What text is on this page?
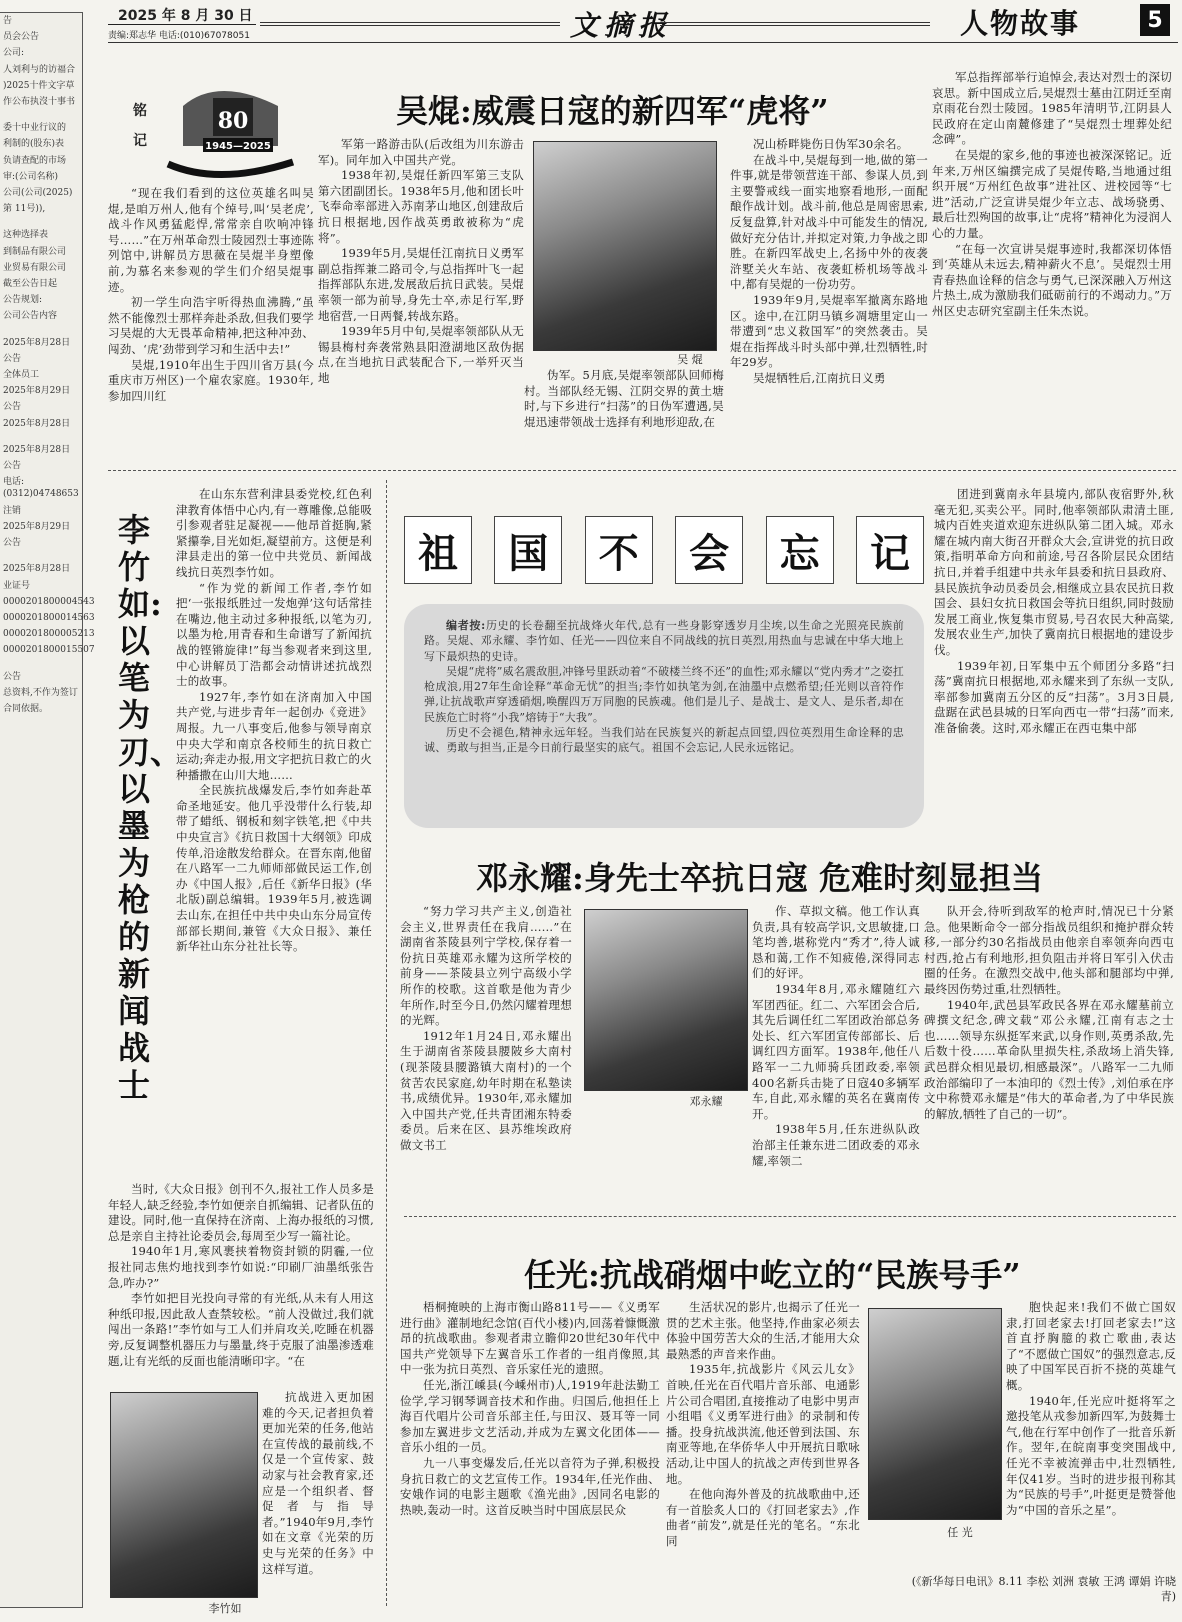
2025 年 8 月 30 日
责编:郑志华 电话:(010)67078051	文摘报	人物故事	5

告

员会公告

公司:

人刘利与的访福合

)2025十件文字草

作公布执沒十事书

委十中业行议的

利制的(股东)表

负请查配的市场

审:(公司名称)

公司(公司(2025)

第 11号)),

这种选择表

到制品有限公司

业贸易有限公司

截至公告日起

公告规划:

公司公告内容

2025年8月28日

公告

全体员工

2025年8月29日

公告

2025年8月28日

2025年8月28日

公告

电话:(0312)04748653

注销

2025年8月29日

公告

2025年8月28日

业证号

0000201800004543

0000201800014563

0000201800005213

0000201800015507

公告

总资料,不作为签订

合同依据。

80
1945—2025
铭记
吴焜:威震日寇的新四军“虎将”

“现在我们看到的这位英雄名叫吴焜,是咱万州人,他有个绰号,叫‘吴老虎’,战斗作风勇猛彪悍,常常亲自吹响冲锋号……”在万州革命烈士陵园烈士事迹陈列馆中,讲解员方思薇在吴焜半身塑像前,为慕名来参观的学生们介绍吴焜事迹。

初一学生向浩宇听得热血沸腾,“虽然不能像烈士那样奔赴杀敌,但我们要学习吴焜的大无畏革命精神,把这种冲劲、闯劲、‘虎’劲带到学习和生活中去!”

吴焜,1910年出生于四川省万县(今重庆市万州区)一个雇农家庭。1930年,参加四川红

军第一路游击队(后改组为川东游击军)。同年加入中国共产党。

1938年初,吴焜任新四军第三支队第六团副团长。1938年5月,他和团长叶飞奉命率部进入苏南茅山地区,创建敌后抗日根据地,因作战英勇敢被称为“虎将”。

1939年5月,吴焜任江南抗日义勇军副总指挥兼二路司令,与总指挥叶飞一起指挥部队东进,发展敌后抗日武装。吴焜率领一部为前导,身先士卒,赤足行军,野地宿营,一日两餐,转战东路。

1939年5月中旬,吴焜率领部队从无锡县梅村奔袭常熟县阳澄湖地区敌伪据点,在当地抗日武装配合下,一举歼灭当地

吴 焜

伪军。5月底,吴焜率领部队回师梅村。当部队经无锡、江阴交界的黄土塘时,与下乡进行“扫荡”的日伪军遭遇,吴焜迅速带领战士选择有利地形迎敌,在

况山桥畔毙伤日伪军30余名。

在战斗中,吴焜每到一地,做的第一件事,就是带领营连干部、参谋人员,到主要警戒线一面实地察看地形,一面配酿作战计划。战斗前,他总是周密思索,反复盘算,针对战斗中可能发生的情况,做好充分估计,并拟定对策,力争战之即胜。在新四军战史上,名扬中外的夜袭浒墅关火车站、夜袭虹桥机场等战斗中,都有吴焜的一份功劳。

1939年9月,吴焜率军撤离东路地区。途中,在江阴马镇乡凋塘里定山一带遭到“忠义救国军”的突然袭击。吴焜在指挥战斗时头部中弹,壮烈牺牲,时年29岁。

吴焜牺牲后,江南抗日义勇

军总指挥部举行追悼会,表达对烈士的深切哀思。新中国成立后,吴焜烈士墓由江阴迁至南京雨花台烈士陵园。1985年清明节,江阴县人民政府在定山南麓修建了“吴焜烈士埋葬处纪念碑”。

在吴焜的家乡,他的事迹也被深深铭记。近年来,万州区编撰完成了吴焜传略,当地通过组织开展“万州红色故事”进社区、进校园等“七进”活动,广泛宣讲吴焜少年立志、战场骁勇、最后壮烈殉国的故事,让“虎将”精神化为浸润人心的力量。

“在每一次宣讲吴焜事迹时,我都深切体悟到‘英雄从未远去,精神薪火不息’。吴焜烈士用青春热血诠释的信念与勇气,已深深融入万州这片热土,成为激励我们砥砺前行的不竭动力。”万州区史志研究室副主任朱杰说。

李竹如:以笔为刃、以墨为枪的新闻战士

在山东东营利津县委党校,红色利津教育体悟中心内,有一尊雕像,总能吸引参观者驻足凝视——他昂首挺胸,紧紧攥拳,目光如炬,凝望前方。这便是利津县走出的第一位中共党员、新闻战线抗日英烈李竹如。

“作为党的新闻工作者,李竹如把‘一张报纸胜过一发炮弹’这句话常挂在嘴边,他主动过多种报纸,以笔为刃,以墨为枪,用青春和生命谱写了新闻抗战的铿锵旋律!”每当参观者来到这里,中心讲解员丁浩都会动情讲述抗战烈士的故事。

1927年,李竹如在济南加入中国共产党,与进步青年一起创办《竞进》周报。九一八事变后,他参与领导南京中央大学和南京各校师生的抗日救亡运动;奔走办报,用文字把抗日救亡的火种播撒在山川大地……

全民族抗战爆发后,李竹如奔赴革命圣地延安。他几乎没带什么行装,却带了蜡纸、钢板和刻字铁笔,把《中共中央宣言》《抗日救国十大纲领》印成传单,沿途散发给群众。在晋东南,他留在八路军一二九师师部做民运工作,创办《中国人报》,后任《新华日报》(华北版)副总编辑。1939年5月,被选调去山东,在担任中共中央山东分局宣传部部长期间,兼管《大众日报》、兼任新华社山东分社社长等。

当时,《大众日报》创刊不久,报社工作人员多是年轻人,缺乏经验,李竹如便亲自抓编辑、记者队伍的建设。同时,他一直保持在济南、上海办报纸的习惯,总是亲自主持社论委员会,每周至少写一篇社论。

1940年1月,寒风裹挟着物资封锁的阴霾,一位报社同志焦灼地找到李竹如说:“印刷厂油墨纸张告急,咋办?”

李竹如把目光投向寻常的有光纸,从未有人用这种纸印报,因此敌人查禁较松。“前人没做过,我们就闯出一条路!”李竹如与工人们并肩攻关,吃睡在机器旁,反复调整机器压力与墨量,终于克服了油墨渗透难题,让有光纸的反面也能清晰印字。“在

李竹如

抗战进入更加困难的今天,记者担负着更加光荣的任务,他站在宣传战的最前线,不仅是一个宣传家、鼓动家与社会教育家,还应是一个组织者、督促者与指导者。”1940年9月,李竹如在文章《光荣的历史与光荣的任务》中这样写道。

祖	国	不	会	忘	记

编者按:历史的长卷翻至抗战烽火年代,总有一些身影穿透岁月尘埃,以生命之光照亮民族前路。吴焜、邓永耀、李竹如、任光——四位来自不同战线的抗日英烈,用热血与忠诚在中华大地上写下最炽热的史诗。

吴焜“虎将”威名震敌胆,冲锋号里跃动着“不破楼兰终不还”的血性;邓永耀以“党内秀才”之姿扛枪成浪,用27年生命诠释“革命无忧”的担当;李竹如执笔为剑,在油墨中点燃希望;任光则以音符作弹,让抗战歌声穿透硝烟,唤醒四万万同胞的民族魂。他们是儿子、是战士、是文人、是乐者,却在民族危亡时将“小我”熔铸于“大我”。

历史不会褪色,精神永远年轻。当我们站在民族复兴的新起点回望,四位英烈用生命诠释的忠诚、勇敢与担当,正是今日前行最坚实的底气。祖国不会忘记,人民永远铭记。

团进到冀南永年县境内,部队夜宿野外,秋毫无犯,买卖公平。同时,他率领部队肃清土匪,城内百姓夹道欢迎东进纵队第二团入城。邓永耀在城内南大街召开群众大会,宣讲党的抗日政策,指明革命方向和前途,号召各阶层民众团结抗日,并着手组建中共永年县委和抗日县政府、县民族抗争动员委员会,相继成立县农民抗日救国会、县妇女抗日救国会等抗日组织,同时鼓励发展工商业,恢复集市贸易,号召农民大种高粱,发展农业生产,加快了冀南抗日根据地的建设步伐。

1939年初,日军集中五个师团分多路“扫荡”冀南抗日根据地,邓永耀来到了东纵一支队,率部参加冀南五分区的反“扫荡”。3月3日晨,盘踞在武邑县城的日军向西屯一带“扫荡”而来,准备偷袭。这时,邓永耀正在西屯集中部

邓永耀:身先士卒抗日寇 危难时刻显担当

“努力学习共产主义,创造社会主义,世界责任在我肩……”在湖南省茶陵县列宁学校,保存着一份抗日英雄邓永耀为这所学校的前身——茶陵县立列宁高级小学所作的校歌。这首歌是他为青少年所作,时至今日,仍然闪耀着理想的光辉。

1912年1月24日,邓永耀出生于湖南省茶陵县腰陂乡大南村(现茶陵县腰潞镇大南村)的一个贫苦农民家庭,幼年时期在私塾读书,成绩优异。1930年,邓永耀加入中国共产党,任共青团湘东特委委员。后来在区、县苏维埃政府做文书工

邓永耀

作、草拟文稿。他工作认真负责,具有较高学识,文思敏捷,口笔均善,堪称党内“秀才”,待人诚恳和蔼,工作不知疲倦,深得同志们的好评。

1934年8月,邓永耀随红六军团西征。红二、六军团会合后,其先后调任红二军团政治部总务处长、红六军团宣传部部长、后调红四方面军。1938年,他任八路军一二九师骑兵团政委,率领400名新兵击毙了日寇40多辆军车,自此,邓永耀的英名在冀南传开。

1938年5月,任东进纵队政治部主任兼东进二团政委的邓永耀,率领二

队开会,待听到敌军的枪声时,情况已十分紧急。他果断命令一部分指战员组织和掩护群众转移,一部分约30名指战员由他亲自率领奔向西屯村西,抢占有利地形,担负阻击并将日军引入伏击圈的任务。在激烈交战中,他头部和腿部均中弹,最终因伤势过重,壮烈牺牲。

1940年,武邑县军政民各界在邓永耀墓前立碑撰文纪念,碑文载“邓公永耀,江南有志之士也……领导东纵挺军来武,以身作则,英勇杀敌,先后数十役……革命队里损失柱,杀敌场上消失锋,武邑群众相见最切,相感最深”。八路军一二九师政治部编印了一本油印的《烈士传》,刘伯承在序文中称赞邓永耀是“伟大的革命者,为了中华民族的解放,牺牲了自己的一切”。

任光:抗战硝烟中屹立的“民族号手”

梧桐掩映的上海市衡山路811号——《义勇军进行曲》灌制地纪念馆(百代小楼)内,回荡着慷慨激昂的抗战歌曲。参观者肃立瞻仰20世纪30年代中国共产党领导下左翼音乐工作者的一组肖像照,其中一张为抗日英烈、音乐家任光的遗照。

任光,浙江嵊县(今嵊州市)人,1919年赴法勤工俭学,学习钢琴调音技术和作曲。归国后,他担任上海百代唱片公司音乐部主任,与田汉、聂耳等一同参加左翼进步文艺活动,并成为左翼文化团体——音乐小组的一员。

九一八事变爆发后,任光以音符为子弹,积极投身抗日救亡的文艺宣传工作。1934年,任光作曲、安娥作词的电影主题歌《渔光曲》,因同名电影的热映,轰动一时。这首反映当时中国底层民众

生活状况的影片,也揭示了任光一贯的艺术主张。他坚持,作曲家必须去体验中国劳苦大众的生活,才能用大众最熟悉的声音来作曲。

1935年,抗战影片《风云儿女》首映,任光在百代唱片音乐部、电通影片公司合唱团,直接推动了电影中男声小组唱《义勇军进行曲》的录制和传播。投身抗战洪流,他还曾到法国、东南亚等地,在华侨华人中开展抗日歌咏活动,让中国人的抗战之声传到世界各地。

在他向海外普及的抗战歌曲中,还有一首脍炙人口的《打回老家去》,作曲者“前发”,就是任光的笔名。“东北同

任 光

胞快起来!我们不做亡国奴隶,打回老家去!打回老家去!”这首直抒胸臆的救亡歌曲,表达了“不愿做亡国奴”的强烈意志,反映了中国军民百折不挠的英雄气概。

1940年,任光应叶挺将军之邀投笔从戎参加新四军,为鼓舞士气,他在行军中创作了一批音乐新作。翌年,在皖南事变突围战中,任光不幸被流弹击中,壮烈牺牲,年仅41岁。当时的进步报刊称其为“民族的号手”,叶挺更是赞誉他为“中国的音乐之星”。

(《新华每日电讯》8.11 李松 刘洲 袁敏 王鸿 谭娟 许晓青)
